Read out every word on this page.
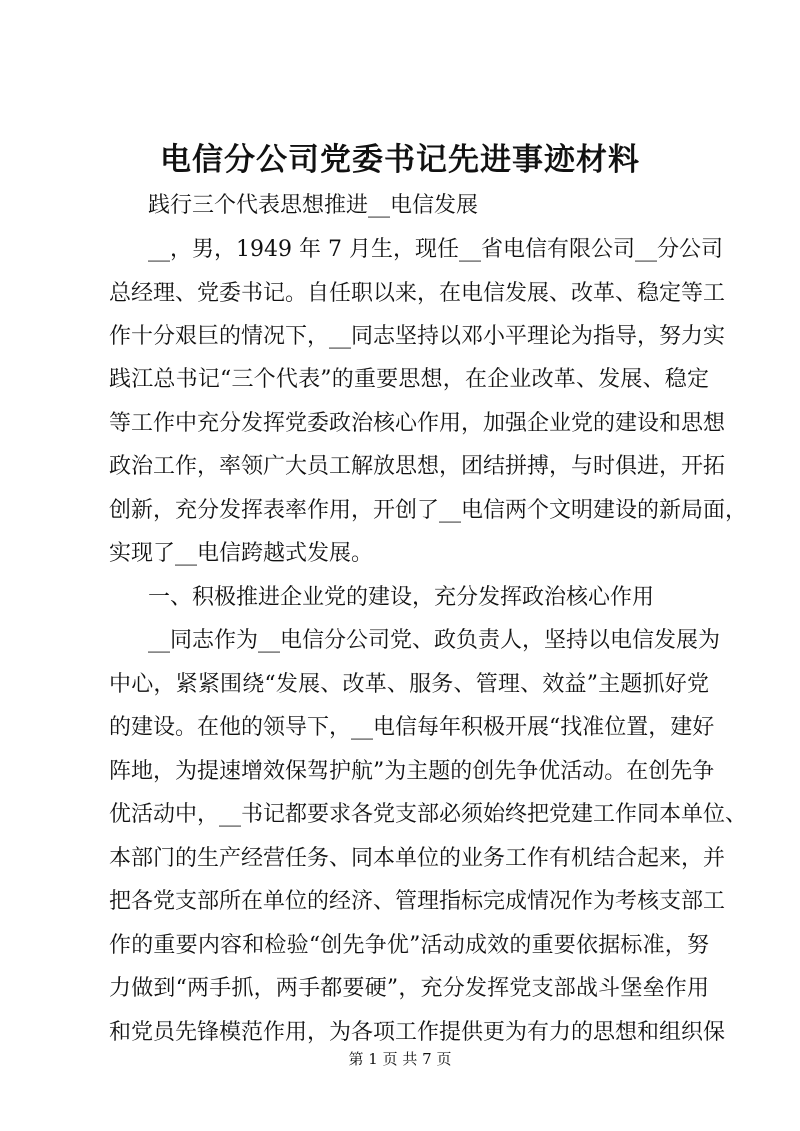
电信分公司党委书记先进事迹材料
践行三个代表思想推进__电信发展
__，男，1949 年 7 月生，现任__省电信有限公司__分公司
总经理、党委书记。自任职以来，在电信发展、改革、稳定等工
作十分艰巨的情况下，__同志坚持以邓小平理论为指导，努力实
践江总书记“三个代表”的重要思想，在企业改革、发展、稳定
等工作中充分发挥党委政治核心作用，加强企业党的建设和思想
政治工作，率领广大员工解放思想，团结拼搏，与时俱进，开拓
创新，充分发挥表率作用，开创了__电信两个文明建设的新局面，
实现了__电信跨越式发展。
一、积极推进企业党的建设，充分发挥政治核心作用
__同志作为__电信分公司党、政负责人，坚持以电信发展为
中心，紧紧围绕“发展、改革、服务、管理、效益”主题抓好党
的建设。在他的领导下，__电信每年积极开展“找准位置，建好
阵地，为提速增效保驾护航”为主题的创先争优活动。在创先争
优活动中，__书记都要求各党支部必须始终把党建工作同本单位、
本部门的生产经营任务、同本单位的业务工作有机结合起来，并
把各党支部所在单位的经济、管理指标完成情况作为考核支部工
作的重要内容和检验“创先争优”活动成效的重要依据标准，努
力做到“两手抓，两手都要硬”，充分发挥党支部战斗堡垒作用
和党员先锋模范作用，为各项工作提供更为有力的思想和组织保
第 1 页 共 7 页
